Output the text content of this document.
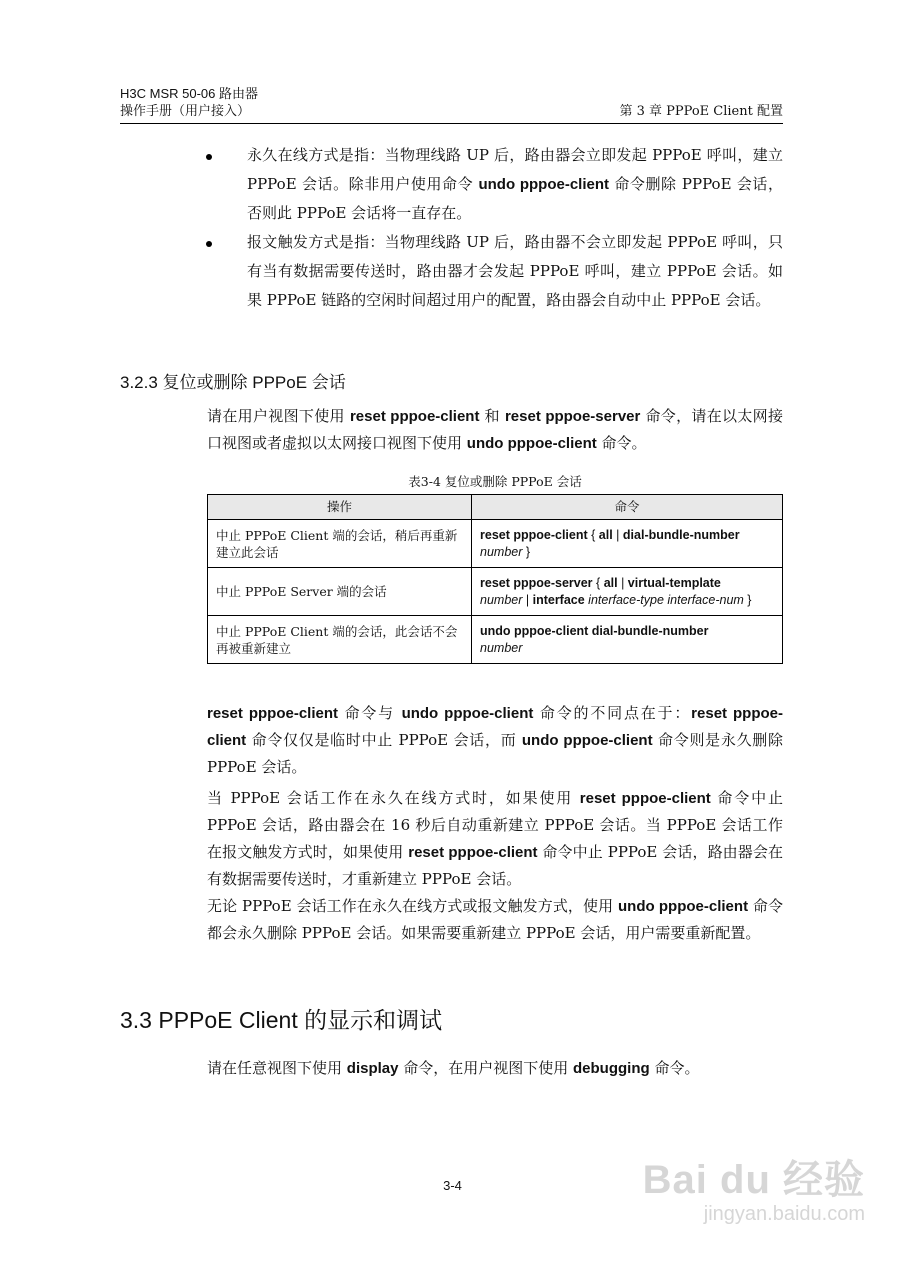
H3C MSR 50-06 路由器
操作手册（用户接入）	第 3 章 PPPoE Client 配置

永久在线方式是指：当物理线路 UP 后，路由器会立即发起 PPPoE 呼叫，建立 PPPoE 会话。除非用户使用命令 undo pppoe-client 命令删除 PPPoE 会话，否则此 PPPoE 会话将一直存在。

报文触发方式是指：当物理线路 UP 后，路由器不会立即发起 PPPoE 呼叫，只有当有数据需要传送时，路由器才会发起 PPPoE 呼叫，建立 PPPoE 会话。如果 PPPoE 链路的空闲时间超过用户的配置，路由器会自动中止 PPPoE 会话。

3.2.3 复位或删除 PPPoE 会话

请在用户视图下使用 reset pppoe-client 和 reset pppoe-server 命令，请在以太网接口视图或者虚拟以太网接口视图下使用 undo pppoe-client 命令。

表3-4 复位或删除 PPPoE 会话
操作	命令
中止 PPPoE Client 端的会话，稍后再重新建立此会话	reset pppoe-client { all | dial-bundle-number
number }
中止 PPPoE Server 端的会话	reset pppoe-server { all | virtual-template
number | interface interface-type interface-num }
中止 PPPoE Client 端的会话，此会话不会再被重新建立	undo pppoe-client dial-bundle-number
number

reset pppoe-client 命令与 undo pppoe-client 命令的不同点在于：reset pppoe-client 命令仅仅是临时中止 PPPoE 会话，而 undo pppoe-client 命令则是永久删除 PPPoE 会话。

当 PPPoE 会话工作在永久在线方式时，如果使用 reset pppoe-client 命令中止 PPPoE 会话，路由器会在 16 秒后自动重新建立 PPPoE 会话。当 PPPoE 会话工作在报文触发方式时，如果使用 reset pppoe-client 命令中止 PPPoE 会话，路由器会在有数据需要传送时，才重新建立 PPPoE 会话。

无论 PPPoE 会话工作在永久在线方式或报文触发方式，使用 undo pppoe-client 命令都会永久删除 PPPoE 会话。如果需要重新建立 PPPoE 会话，用户需要重新配置。

3.3 PPPoE Client 的显示和调试

请在任意视图下使用 display 命令，在用户视图下使用 debugging 命令。

3-4	Bai du 经验
jingyan.baidu.com
